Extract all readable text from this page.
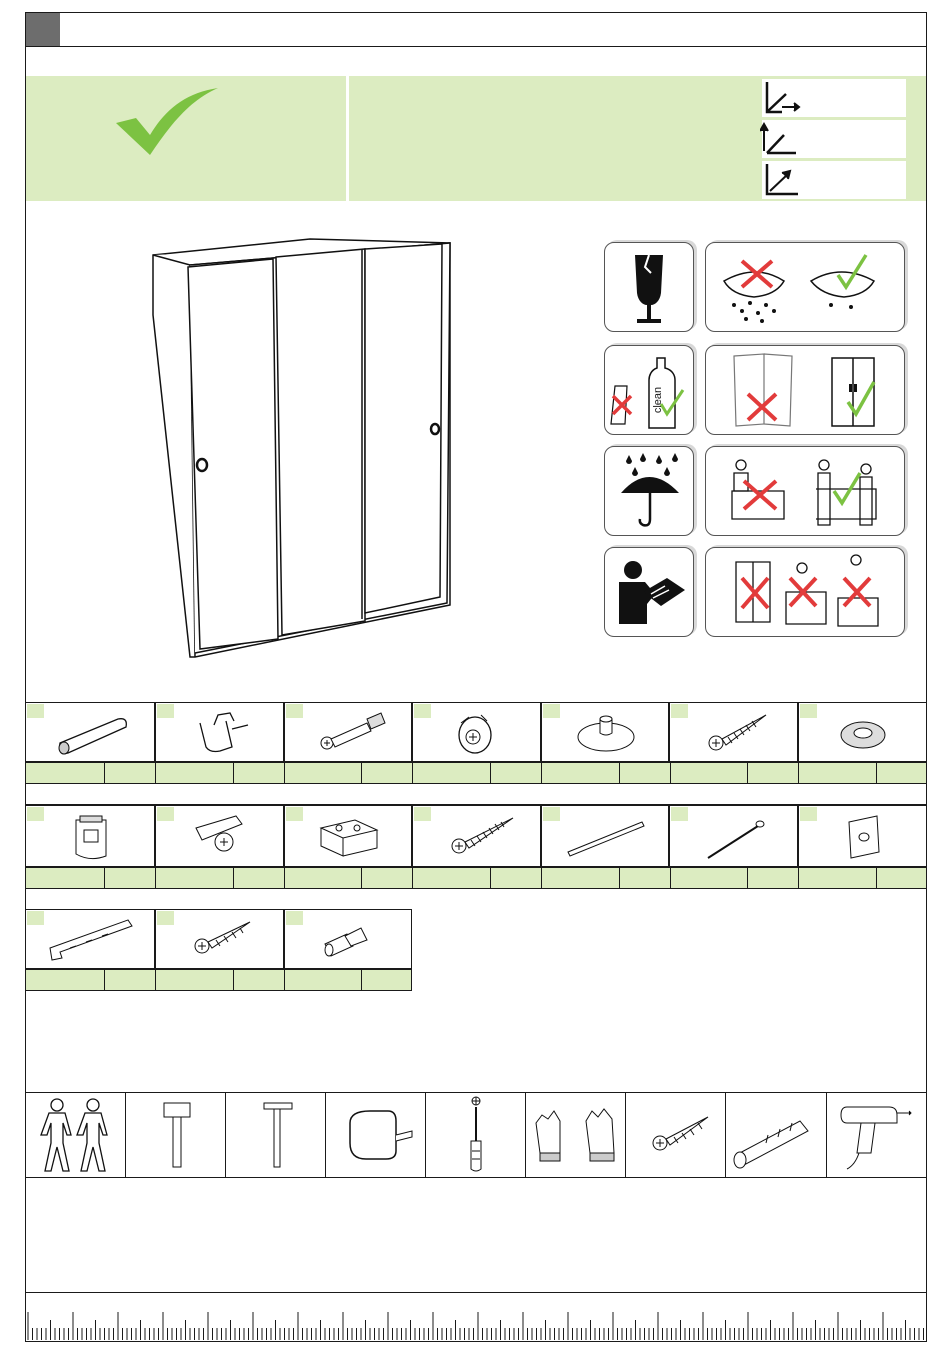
clean
